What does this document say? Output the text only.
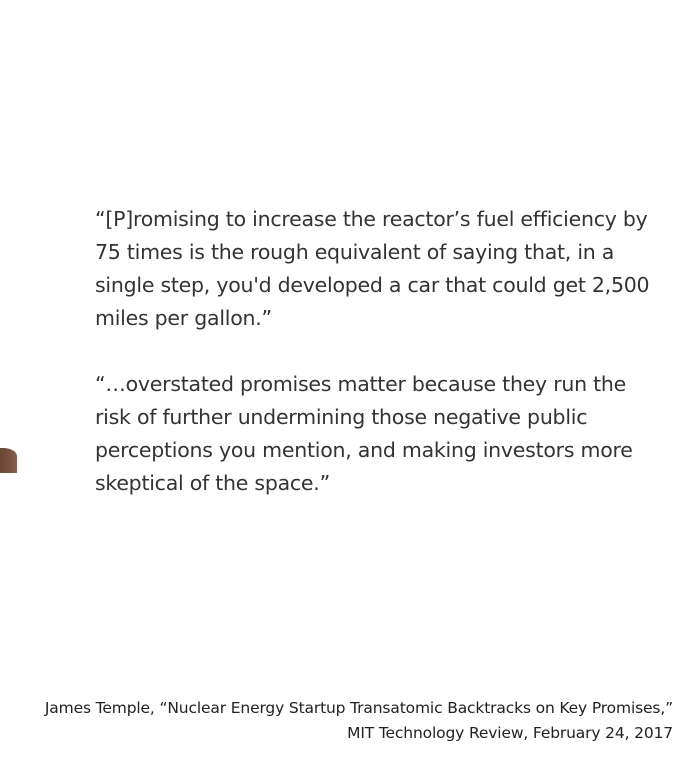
“[P]romising to increase the reactor’s fuel efficiency by 75 times is the rough equivalent of saying that, in a single step, you'd developed a car that could get 2,500 miles per gallon.”

“…overstated promises matter because they run the risk of further undermining those negative public perceptions you mention, and making investors more skeptical of the space.”

James Temple, “Nuclear Energy Startup Transatomic Backtracks on Key Promises,”
MIT Technology Review, February 24, 2017
